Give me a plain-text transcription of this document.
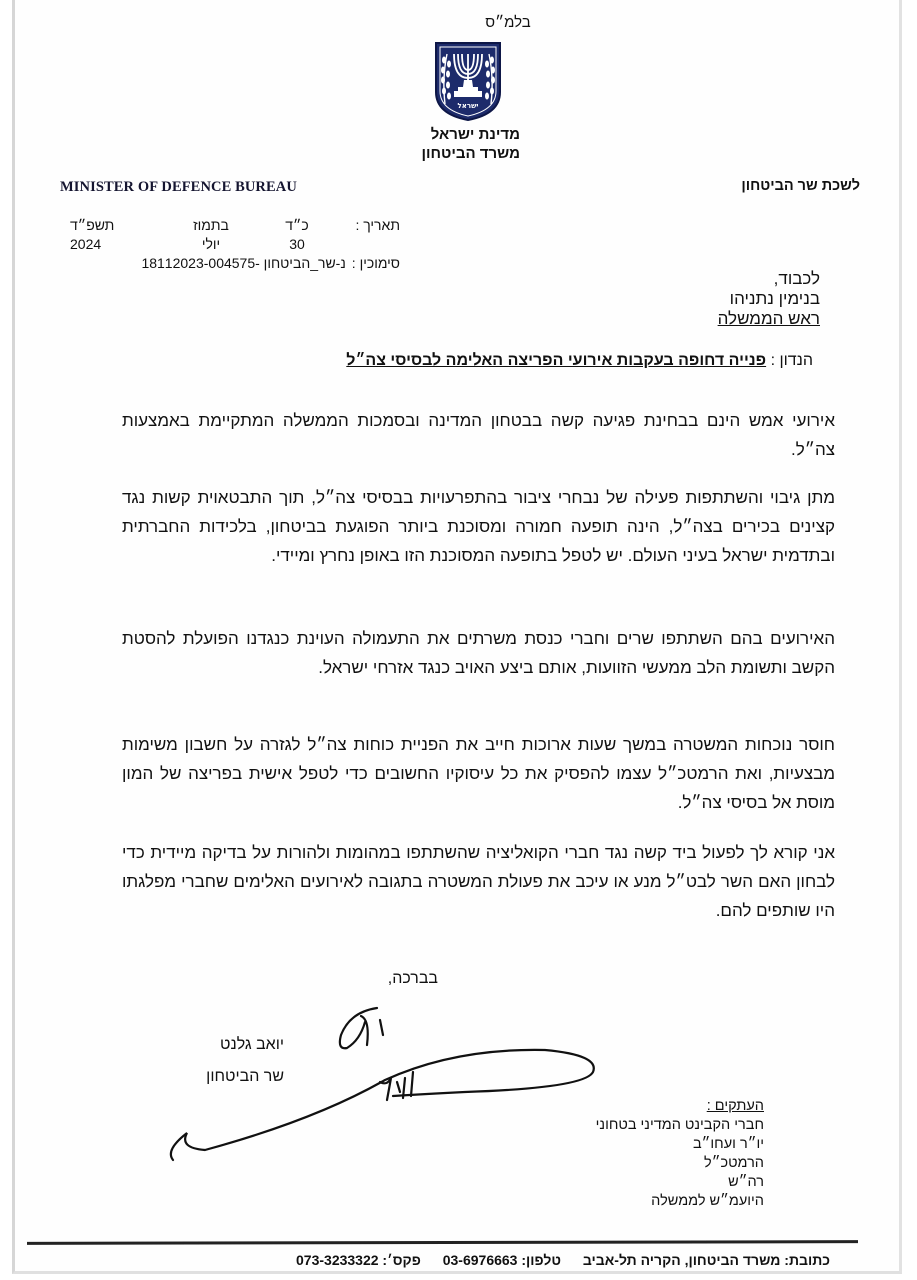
בלמ״ס
ישראל
מדינת ישראל
משרד הביטחון
MINISTER OF DEFENCE BUREAU	לשכת שר הביטחון
תאריך :
כ״ד
בתמוז
תשפ״ד
30
יולי
2024
סימוכין :
נ-שר_הביטחון -18112023-004575
לכבוד,
בנימין נתניהו
ראש הממשלה
הנדון : פנייה דחופה בעקבות אירועי הפריצה האלימה לבסיסי צה״ל
אירועי אמש הינם בבחינת פגיעה קשה בבטחון המדינה ובסמכות הממשלה המתקיימת באמצעות צה״ל.
מתן גיבוי והשתתפות פעילה של נבחרי ציבור בהתפרעויות בבסיסי צה״ל, תוך התבטאוית קשות נגד קצינים בכירים בצה״ל, הינה תופעה חמורה ומסוכנת ביותר הפוגעת בביטחון, בלכידות החברתית ובתדמית ישראל בעיני העולם. יש לטפל בתופעה המסוכנת הזו באופן נחרץ ומיידי.
האירועים בהם השתתפו שרים וחברי כנסת משרתים את התעמולה העוינת כנגדנו הפועלת להסטת הקשב ותשומת הלב ממעשי הזוועות, אותם ביצע האויב כנגד אזרחי ישראל.
חוסר נוכחות המשטרה במשך שעות ארוכות חייב את הפניית כוחות צה״ל לגזרה על חשבון משימות מבצעיות, ואת הרמטכ״ל עצמו להפסיק את כל עיסוקיו החשובים כדי לטפל אישית בפריצה של המון מוסת אל בסיסי צה״ל.
אני קורא לך לפעול ביד קשה נגד חברי הקואליציה שהשתתפו במהומות ולהורות על בדיקה מיידית כדי לבחון האם השר לבט״ל מנע או עיכב את פעולת המשטרה בתגובה לאירועים האלימים שחברי מפלגתו היו שותפים להם.
בברכה,
יואב גלנט
שר הביטחון
העתקים :
חברי הקבינט המדיני בטחוני
יו״ר ועחו״ב
הרמטכ״ל
רה״ש
היועמ״ש לממשלה
כתובת: משרד הביטחון, הקריה תל-אביב טלפון: 03-6976663 פקס׳: 073-3233322
